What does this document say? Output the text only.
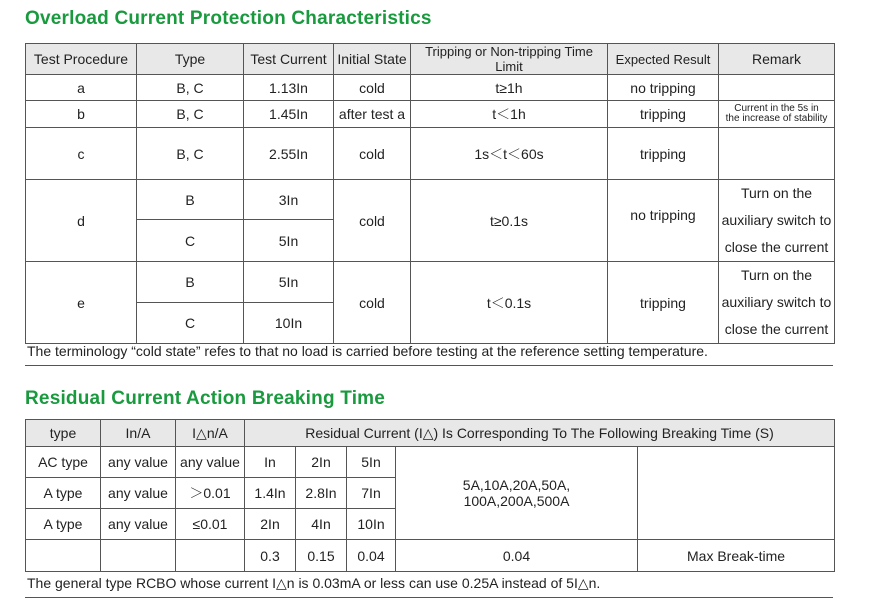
Overload Current Protection Characteristics
Test Procedure	Type	Test Current	Initial State	Tripping or Non-tripping Time Limit	Expected Result	Remark
a	B, C	1.13In	cold	t≥1h	no tripping	
b	B, C	1.45In	after test a	t＜1h	tripping	Current in the 5s in
the increase of stability

c	B, C	2.55In	cold	1s＜t＜60s	tripping	
d	B	3In	cold	t≥0.1s	no tripping	Turn on the
auxiliary switch to
close the current

	C	5In				
e	B	5In	cold	t＜0.1s	tripping	Turn on the
auxiliary switch to
close the current

	C	10In				
The terminology “cold state” refes to that no load is carried before testing at the reference setting temperature.
Residual Current Action Breaking Time
type	In/A	I△n/A	Residual Current (I△) Is Corresponding To The Following Breaking Time (S)				
AC type	any value	any value	In	2In	5In	5A,10A,20A,50A,
100A,200A,500A	

A type	any value	＞0.01	1.4In	2.8In	7In		
A type	any value	≤0.01	2In	4In	10In		
			0.3	0.15	0.04	0.04	Max Break-time
The general type RCBO whose current I△n is 0.03mA or less can use 0.25A instead of 5I△n.
